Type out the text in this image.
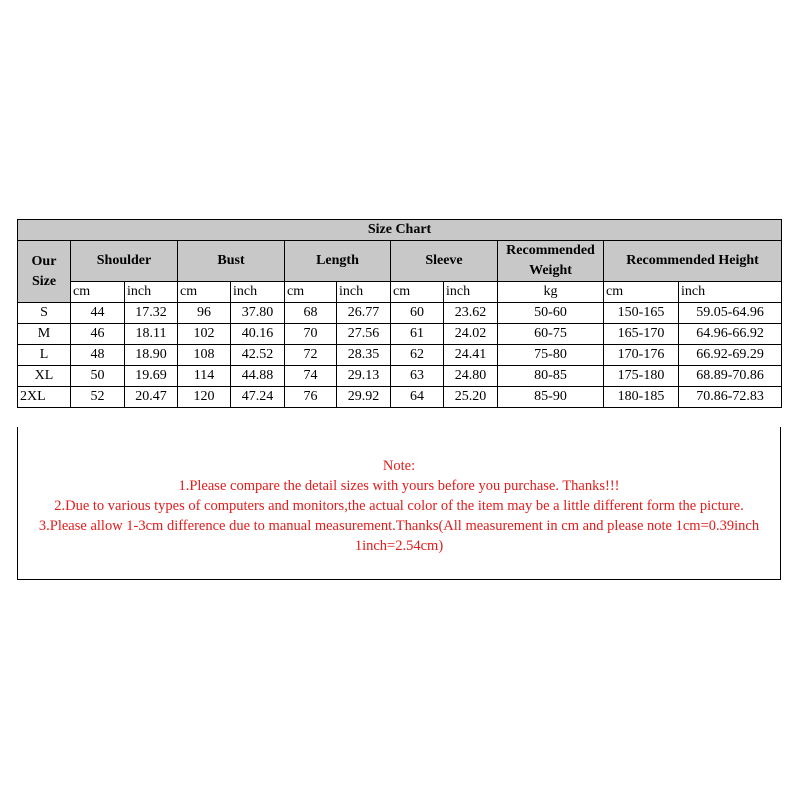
Size Chart											
Our Size	Shoulder		Bust		Length		Sleeve		Recommended Weight	Recommended Height	
	cm	inch	cm	inch	cm	inch	cm	inch	kg	cm	inch
S	44	17.32	96	37.80	68	26.77	60	23.62	50-60	150-165	59.05-64.96
M	46	18.11	102	40.16	70	27.56	61	24.02	60-75	165-170	64.96-66.92
L	48	18.90	108	42.52	72	28.35	62	24.41	75-80	170-176	66.92-69.29
XL	50	19.69	114	44.88	74	29.13	63	24.80	80-85	175-180	68.89-70.86
2XL	52	20.47	120	47.24	76	29.92	64	25.20	85-90	180-185	70.86-72.83

Note:

1.Please compare the detail sizes with yours before you purchase. Thanks!!!

2.Due to various types of computers and monitors,the actual color of the item may be a little different form the picture.

3.Please allow 1-3cm difference due to manual measurement.Thanks(All measurement in cm and please note 1cm=0.39inch

1inch=2.54cm)
